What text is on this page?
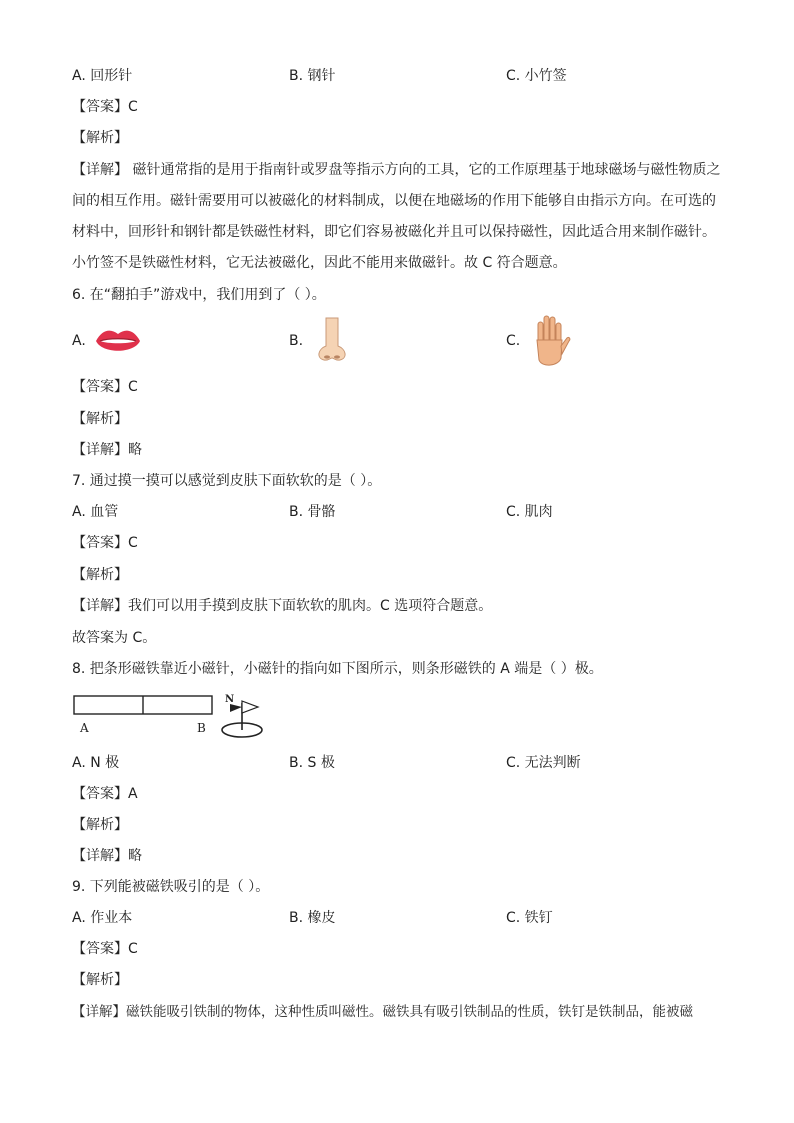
A. 回形针	B. 钢针	C. 小竹签
【答案】C
【解析】
【详解】 磁针通常指的是用于指南针或罗盘等指示方向的工具，它的工作原理基于地球磁场与磁性物质之间的相互作用。磁针需要用可以被磁化的材料制成，以便在地磁场的作用下能够自由指示方向。在可选的材料中，回形针和钢针都是铁磁性材料，即它们容易被磁化并且可以保持磁性，因此适合用来制作磁针。 小竹签不是铁磁性材料，它无法被磁化，因此不能用来做磁针。故 C 符合题意。
6. 在“翻拍手”游戏中，我们用到了（ ）。
A.	B.	C.
【答案】C
【解析】
【详解】略
7. 通过摸一摸可以感觉到皮肤下面软软的是（ ）。
A. 血管	B. 骨骼	C. 肌肉
【答案】C
【解析】
【详解】我们可以用手摸到皮肤下面软软的肌肉。C 选项符合题意。
故答案为 C。
8. 把条形磁铁靠近小磁针，小磁针的指向如下图所示，则条形磁铁的 A 端是（ ）极。
A	B
N
A. N 极	B. S 极	C. 无法判断
【答案】A
【解析】
【详解】略
9. 下列能被磁铁吸引的是（ ）。
A. 作业本	B. 橡皮	C. 铁钉
【答案】C
【解析】
【详解】磁铁能吸引铁制的物体，这种性质叫磁性。磁铁具有吸引铁制品的性质，铁钉是铁制品，能被磁
